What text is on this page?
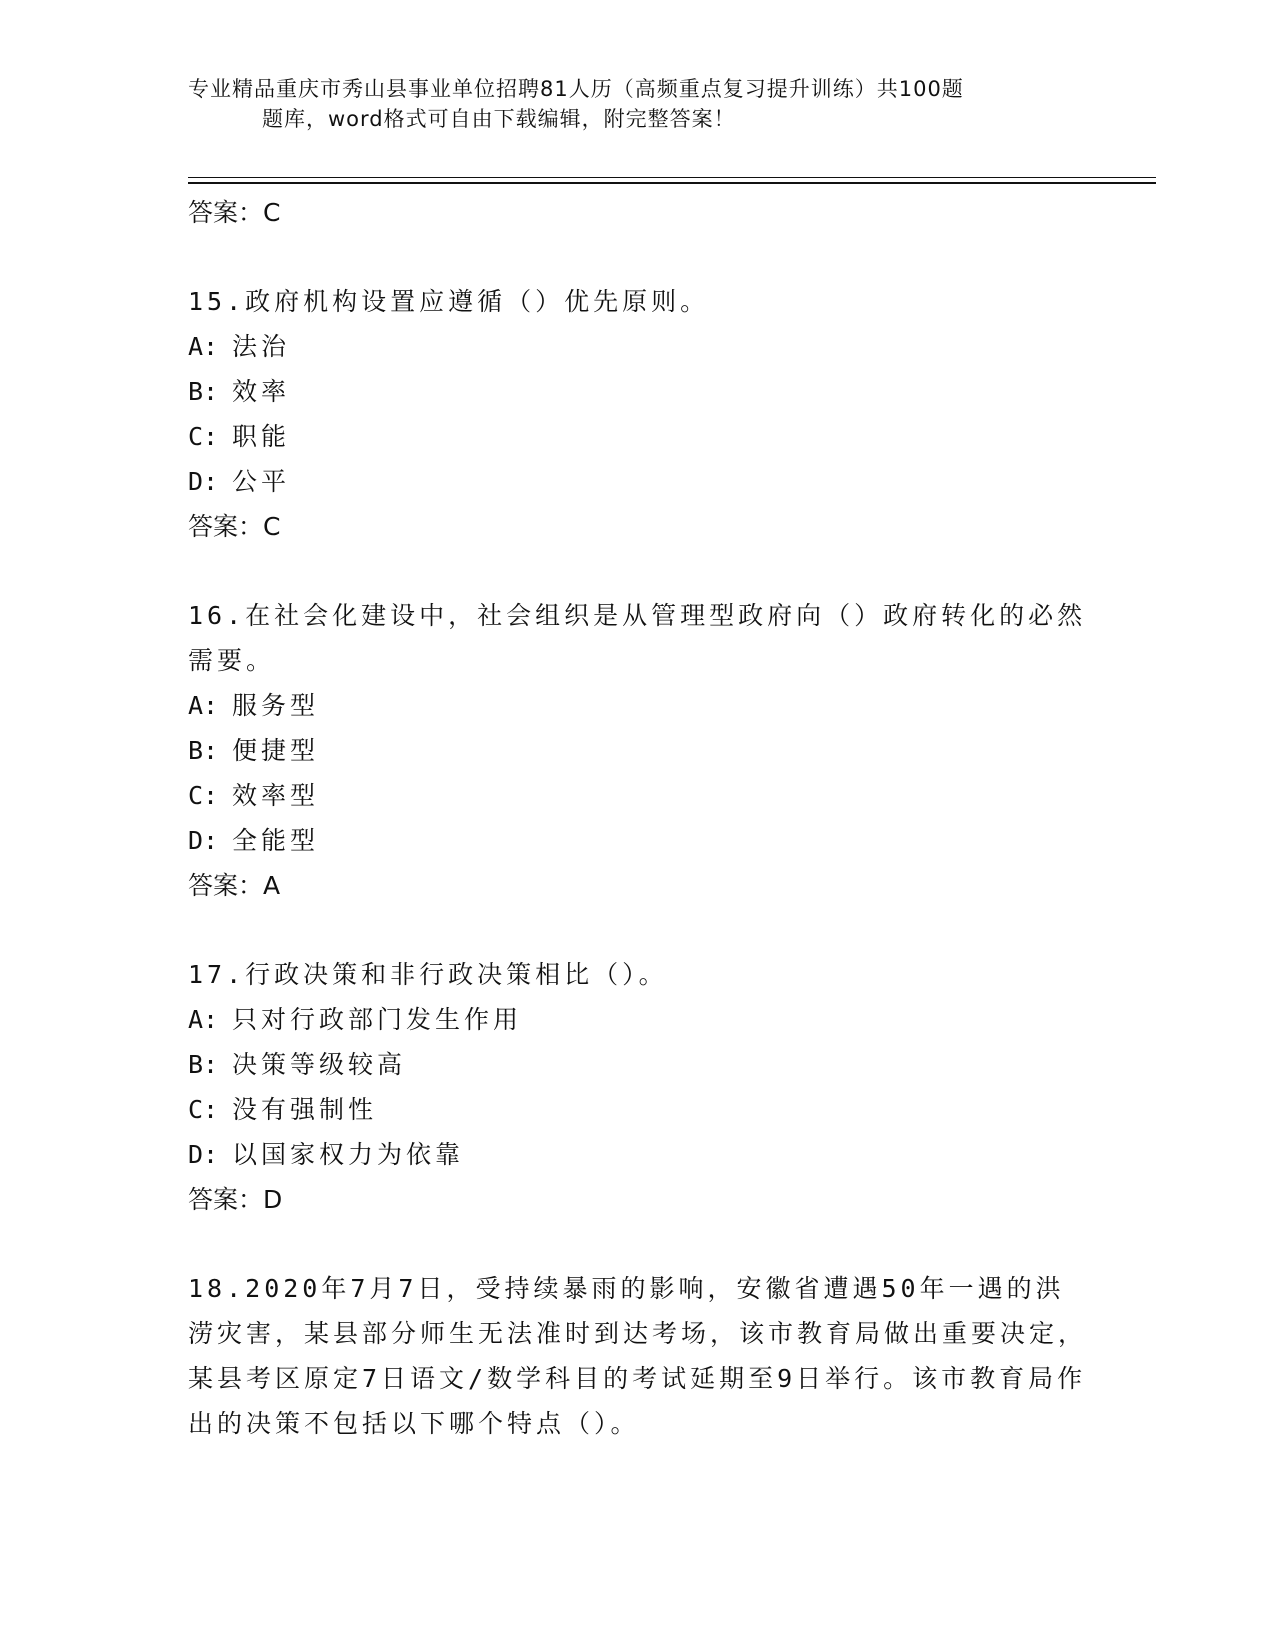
专业精品重庆市秀山县事业单位招聘81人历（高频重点复习提升训练）共100题
题库，word格式可自由下载编辑，附完整答案！
答案：C
15.政府机构设置应遵循（）优先原则。
A: 法治
B: 效率
C: 职能
D: 公平
答案：C
16.在社会化建设中，社会组织是从管理型政府向（）政府转化的必然需要。
A: 服务型
B: 便捷型
C: 效率型
D: 全能型
答案：A
17.行政决策和非行政决策相比（）。
A: 只对行政部门发生作用
B: 决策等级较高
C: 没有强制性
D: 以国家权力为依靠
答案：D
18.2020年7月7日，受持续暴雨的影响，安徽省遭遇50年一遇的洪涝灾害，某县部分师生无法准时到达考场，该市教育局做出重要决定，某县考区原定7日语文/数学科目的考试延期至9日举行。该市教育局作出的决策不包括以下哪个特点（）。
